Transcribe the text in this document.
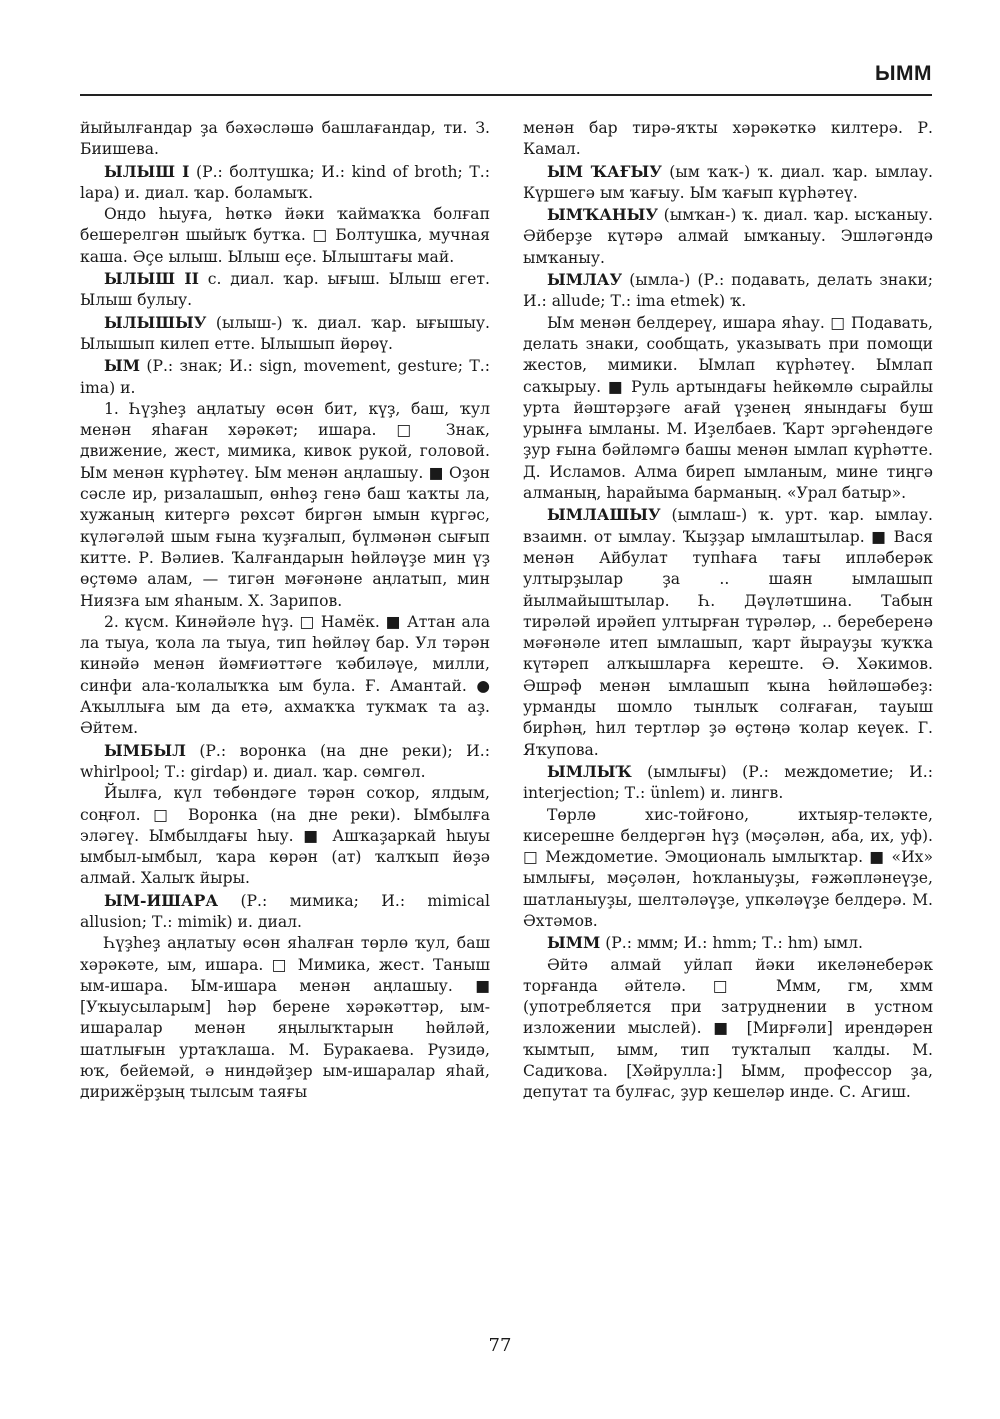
ЫММ

йыйылғандар ҙа бәхәсләшә башлағандар, ти. З. Биишева.

ЫЛЫШ I (Р.: болтушка; И.: kind of broth; Т.: lapa) и. диал. ҡар. боламыҡ.

Ондо һыуға, һөткә йәки ҡаймаҡҡа болғап бешерелгән шыйыҡ бутҡа. □ Болтушка, мучная каша. Әҫе ылыш. Ылыш еҫе. Ылыштағы май.

ЫЛЫШ II с. диал. ҡар. ығыш. Ылыш егет. Ылыш булыу.

ЫЛЫШЫУ (ылыш-) ҡ. диал. ҡар. ығышыу. Ылышып килеп етте. Ылышып йөрөү.

ЫМ (Р.: знак; И.: sign, movement, gesture; Т.: ima) и.

1. Һүҙһеҙ аңлатыу өсөн бит, күҙ, баш, ҡул менән яһаған хәрәкәт; ишара. □ Знак, движение, жест, мимика, кивок рукой, головой. Ым менән күрһәтеү. Ым менән аңлашыу. ■ Оҙон сәсле ир, ризалашып, өнһөҙ генә баш ҡаҡты ла, хужаның китергә рөхсәт биргән ымын күргәс, күләгәләй шым ғына ҡуҙғалып, бүлмәнән сығып китте. Р. Вәлиев. Ҡалғандарын һөйләүҙе мин үҙ өҫтөмә алам, — тигән мәғәнәне аңлатып, мин Ниязға ым яһаным. Х. Зарипов.

2. күсм. Кинәйәле һүҙ. □ Намёк. ■ Аттан ала ла тыуа, ҡола ла тыуа, тип һөйләү бар. Ул тәрән кинәйә менән йәмғиәттәге ҡәбиләүе, милли, синфи ала-ҡолалыҡҡа ым була. Ғ. Амантай. ● Аҡыллыға ым да етә, ахмаҡҡа туҡмаҡ та аҙ. Әйтем.

ЫМБЫЛ (Р.: воронка (на дне реки); И.: whirlpool; Т.: girdap) и. диал. ҡар. сөмгөл.

Йылға, күл төбөндәге тәрән соҡор, ялдым, соңғол. □ Воронка (на дне реки). Ымбылға эләгеү. Ымбылдағы һыу. ■ Ашҡаҙаркай һыуы ымбыл-ымбыл, ҡара көрән (ат) ҡалҡып йөҙә алмай. Халыҡ йыры.

ЫМ-ИШАРА (Р.: мимика; И.: mimical allusion; Т.: mimik) и. диал.

Һүҙһеҙ аңлатыу өсөн яһалған төрлө ҡул, баш хәрәкәте, ым, ишара. □ Мимика, жест. Таныш ым-ишара. Ым-ишара менән аңлашыу. ■ [Уҡыусыларым] һәр берене хәрәкәттәр, ым-ишаралар менән яңылыҡтарын һөйләй, шатлығын уртаҡлаша. М. Буракаева. Рузидә, юҡ, бейемәй, ә ниндәйҙер ым-ишаралар яһай, дирижёрҙың тылсым таяғы

менән бар тирә-яҡты хәрәкәткә килтерә. Р. Камал.

ЫМ ҠАҒЫУ (ым ҡаҡ-) ҡ. диал. ҡар. ымлау. Күршегә ым ҡағыу. Ым ҡағып күрһәтеү.

ЫМҠАНЫУ (ымҡан-) ҡ. диал. ҡар. ысҡаныу. Әйберҙе күтәрә алмай ымҡаныу. Эшләгәндә ымҡаныу.

ЫМЛАУ (ымла-) (Р.: подавать, делать знаки; И.: allude; Т.: ima etmek) ҡ.

Ым менән белдереү, ишара яһау. □ Подавать, делать знаки, сообщать, указывать при помощи жестов, мимики. Ымлап күрһәтеү. Ымлап саҡырыу. ■ Руль артындағы һейкөмлө сырайлы урта йәштәрҙәге ағай үҙенең янындағы буш урынға ымланы. М. Иҙелбаев. Ҡарт эргәһендәге ҙур ғына бәйләмгә башы менән ымлап күрһәтте. Д. Исламов. Алма биреп ымланым, мине тиңгә алманың, һарайыма барманың. «Урал батыр».

ЫМЛАШЫУ (ымлаш-) ҡ. урт. ҡар. ымлау. взаимн. от ымлау. Ҡыҙҙар ымлаштылар. ■ Вася менән Айбулат тупһаға тағы ипләберәк ултырҙылар ҙа .. шаян ымлашып йылмайыштылар. Һ. Дәүләтшина. Табын тирәләй ирәйеп ултырған түрәләр, .. береберенә мәғәнәле итеп ымлашып, ҡарт йырауҙы ҡуҡҡа күтәреп алҡышларға кереште. Ә. Хәкимов. Әшрәф менән ымлашып ҡына һөйләшәбеҙ: урманды шомло тынлыҡ солғаған, тауыш бирһәң, һил тертләр ҙә өҫтөңә ҡолар кеүек. Г. Яҡупова.

ЫМЛЫҠ (ымлығы) (Р.: междометие; И.: interjection; Т.: ünlem) и. лингв.

Төрлө хис-тойғоно, ихтыяр-теләкте, кисерешне белдергән һүҙ (мәҫәлән, аба, их, уф). □ Междометие. Эмоциональ ымлыҡтар. ■ «Их» ымлығы, мәҫәлән, һоҡланыуҙы, ғәжәпләнеүҙе, шатланыуҙы, шелтәләүҙе, упкәләүҙе белдерә. М. Әхтәмов.

ЫММ (Р.: ммм; И.: hmm; Т.: hm) ымл.

Әйтә алмай уйлап йәки икеләнеберәк торғанда әйтелә. □ Ммм, гм, хмм (употребляется при затруднении в устном изложении мыслей). ■ [Мирғәли] ирендәрен ҡымтып, ымм, тип туҡталып ҡалды. М. Садиҡова. [Хәйрулла:] Ымм, профессор ҙа, депутат та булғас, ҙур кешеләр инде. С. Агиш.

77
